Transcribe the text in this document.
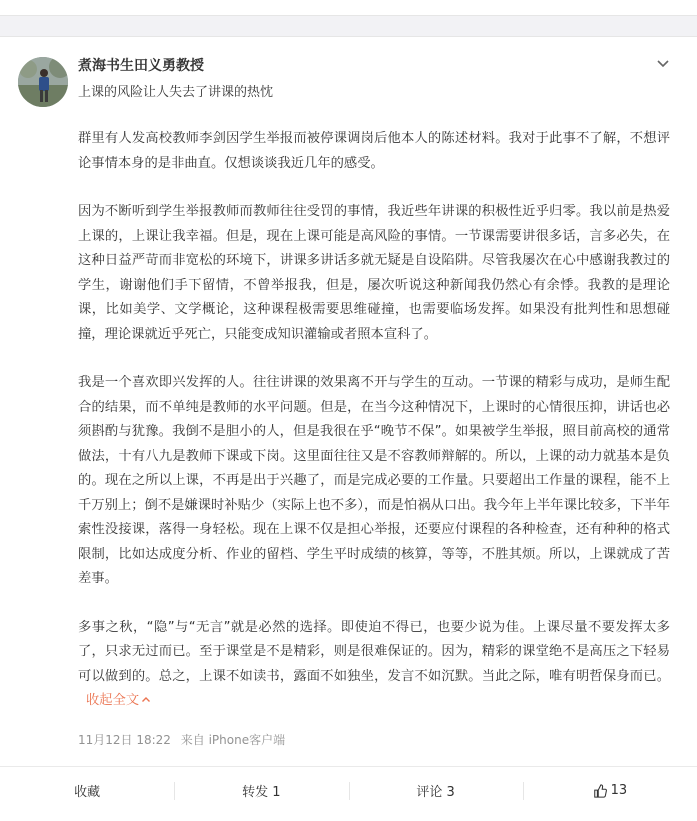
煮海书生田义勇教授
上课的风险让人失去了讲课的热忱

群里有人发高校教师李剑因学生举报而被停课调岗后他本人的陈述材料。我对于此事不了解，不想评论事情本身的是非曲直。仅想谈谈我近几年的感受。

因为不断听到学生举报教师而教师往往受罚的事情，我近些年讲课的积极性近乎归零。我以前是热爱上课的，上课让我幸福。但是，现在上课可能是高风险的事情。一节课需要讲很多话，言多必失，在这种日益严苛而非宽松的环境下，讲课多讲话多就无疑是自设陷阱。尽管我屡次在心中感谢我教过的学生，谢谢他们手下留情，不曾举报我，但是，屡次听说这种新闻我仍然心有余悸。我教的是理论课，比如美学、文学概论，这种课程极需要思维碰撞，也需要临场发挥。如果没有批判性和思想碰撞，理论课就近乎死亡，只能变成知识灌输或者照本宣科了。

我是一个喜欢即兴发挥的人。往往讲课的效果离不开与学生的互动。一节课的精彩与成功，是师生配合的结果，而不单纯是教师的水平问题。但是，在当今这种情况下，上课时的心情很压抑，讲话也必须斟酌与犹豫。我倒不是胆小的人，但是我很在乎“晚节不保”。如果被学生举报，照目前高校的通常做法，十有八九是教师下课或下岗。这里面往往又是不容教师辩解的。所以，上课的动力就基本是负的。现在之所以上课，不再是出于兴趣了，而是完成必要的工作量。只要超出工作量的课程，能不上千万别上；倒不是嫌课时补贴少（实际上也不多），而是怕祸从口出。我今年上半年课比较多，下半年索性没接课，落得一身轻松。现在上课不仅是担心举报，还要应付课程的各种检查，还有种种的格式限制，比如达成度分析、作业的留档、学生平时成绩的核算，等等，不胜其烦。所以，上课就成了苦差事。

多事之秋，“隐”与“无言”就是必然的选择。即使迫不得已，也要少说为佳。上课尽量不要发挥太多了，只求无过而已。至于课堂是不是精彩，则是很难保证的。因为，精彩的课堂绝不是高压之下轻易可以做到的。总之，上课不如读书，露面不如独坐，发言不如沉默。当此之际，唯有明哲保身而已。收起全文

11月12日 18:22 来自 iPhone客户端
收藏	转发 1	评论 3	13
